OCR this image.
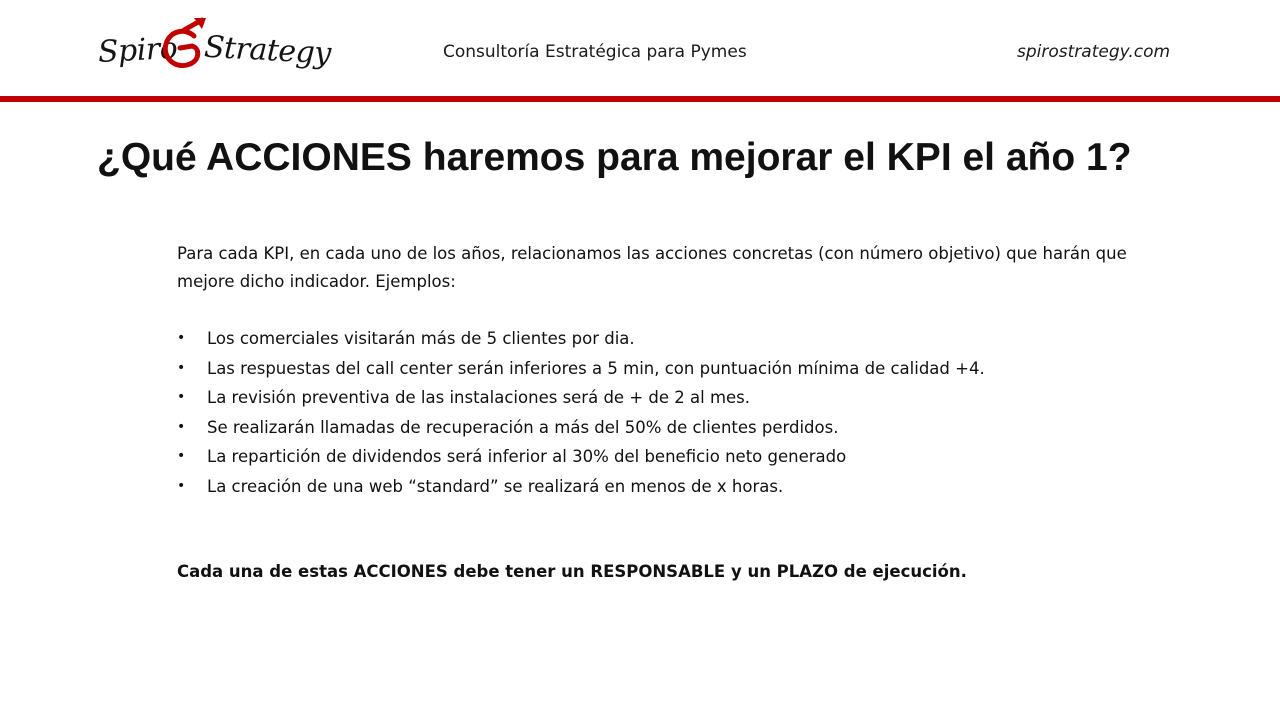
Spiro Strategy	Consultoría Estratégica para Pymes	spirostrategy.com
¿Qué ACCIONES haremos para mejorar el KPI el año 1?

Para cada KPI, en cada uno de los años, relacionamos las acciones concretas (con número objetivo) que harán que mejore dicho indicador. Ejemplos:

• Los comerciales visitarán más de 5 clientes por dia.
• Las respuestas del call center serán inferiores a 5 min, con puntuación mínima de calidad +4.
• La revisión preventiva de las instalaciones será de + de 2 al mes.
• Se realizarán llamadas de recuperación a más del 50% de clientes perdidos.
• La repartición de dividendos será inferior al 30% del beneficio neto generado
• La creación de una web “standard” se realizará en menos de x horas.

Cada una de estas ACCIONES debe tener un RESPONSABLE y un PLAZO de ejecución.
